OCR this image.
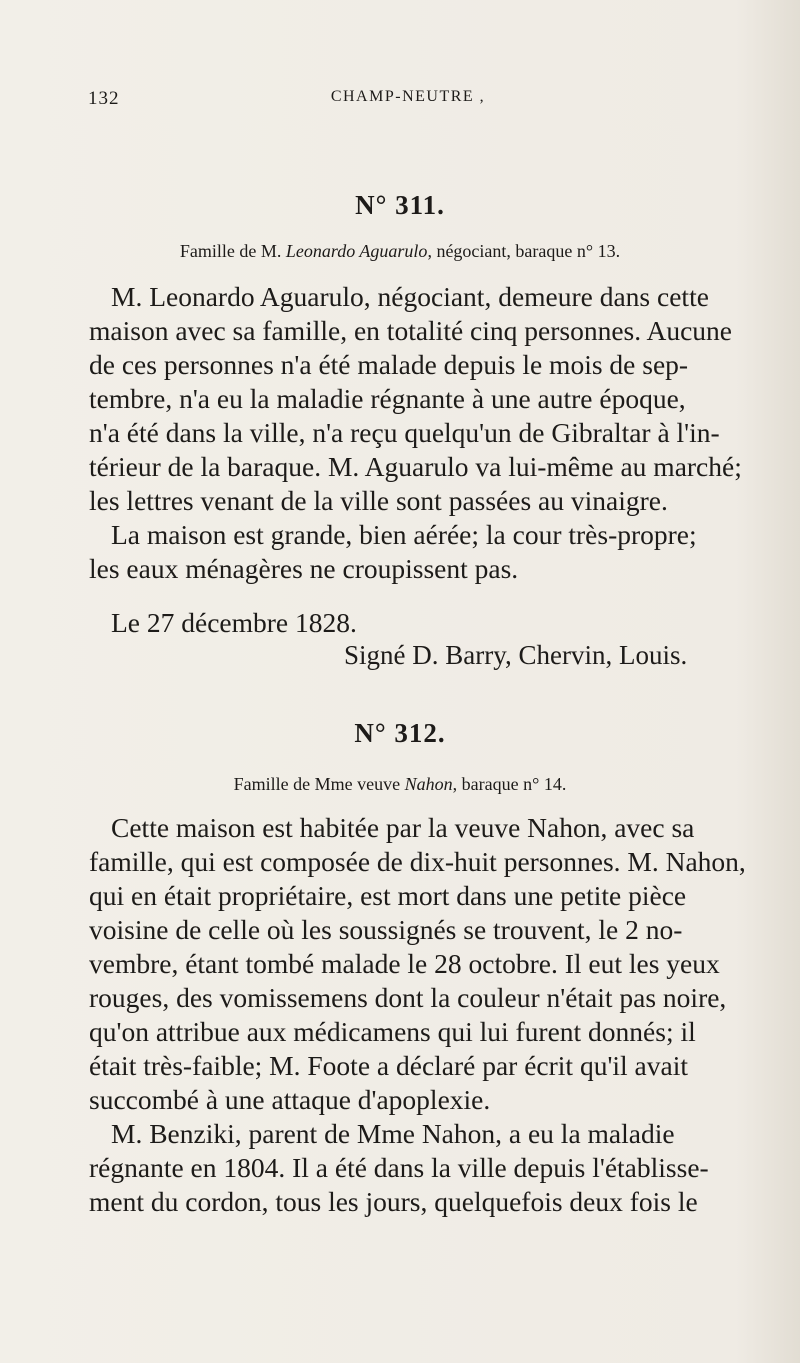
132	CHAMP-NEUTRE ,
N° 311.
Famille de M. Leonardo Aguarulo, négociant, baraque n° 13.
M. Leonardo Aguarulo, négociant, demeure dans cette
maison avec sa famille, en totalité cinq personnes. Aucune
de ces personnes n'a été malade depuis le mois de sep-
tembre, n'a eu la maladie régnante à une autre époque,
n'a été dans la ville, n'a reçu quelqu'un de Gibraltar à l'in-
térieur de la baraque. M. Aguarulo va lui-même au marché;
les lettres venant de la ville sont passées au vinaigre.
La maison est grande, bien aérée; la cour très-propre;
les eaux ménagères ne croupissent pas.
Le 27 décembre 1828.
Signé D. Barry, Chervin, Louis.
N° 312.
Famille de Mme veuve Nahon, baraque n° 14.
Cette maison est habitée par la veuve Nahon, avec sa
famille, qui est composée de dix-huit personnes. M. Nahon,
qui en était propriétaire, est mort dans une petite pièce
voisine de celle où les soussignés se trouvent, le 2 no-
vembre, étant tombé malade le 28 octobre. Il eut les yeux
rouges, des vomissemens dont la couleur n'était pas noire,
qu'on attribue aux médicamens qui lui furent donnés; il
était très-faible; M. Foote a déclaré par écrit qu'il avait
succombé à une attaque d'apoplexie.
M. Benziki, parent de Mme Nahon, a eu la maladie
régnante en 1804. Il a été dans la ville depuis l'établisse-
ment du cordon, tous les jours, quelquefois deux fois le
